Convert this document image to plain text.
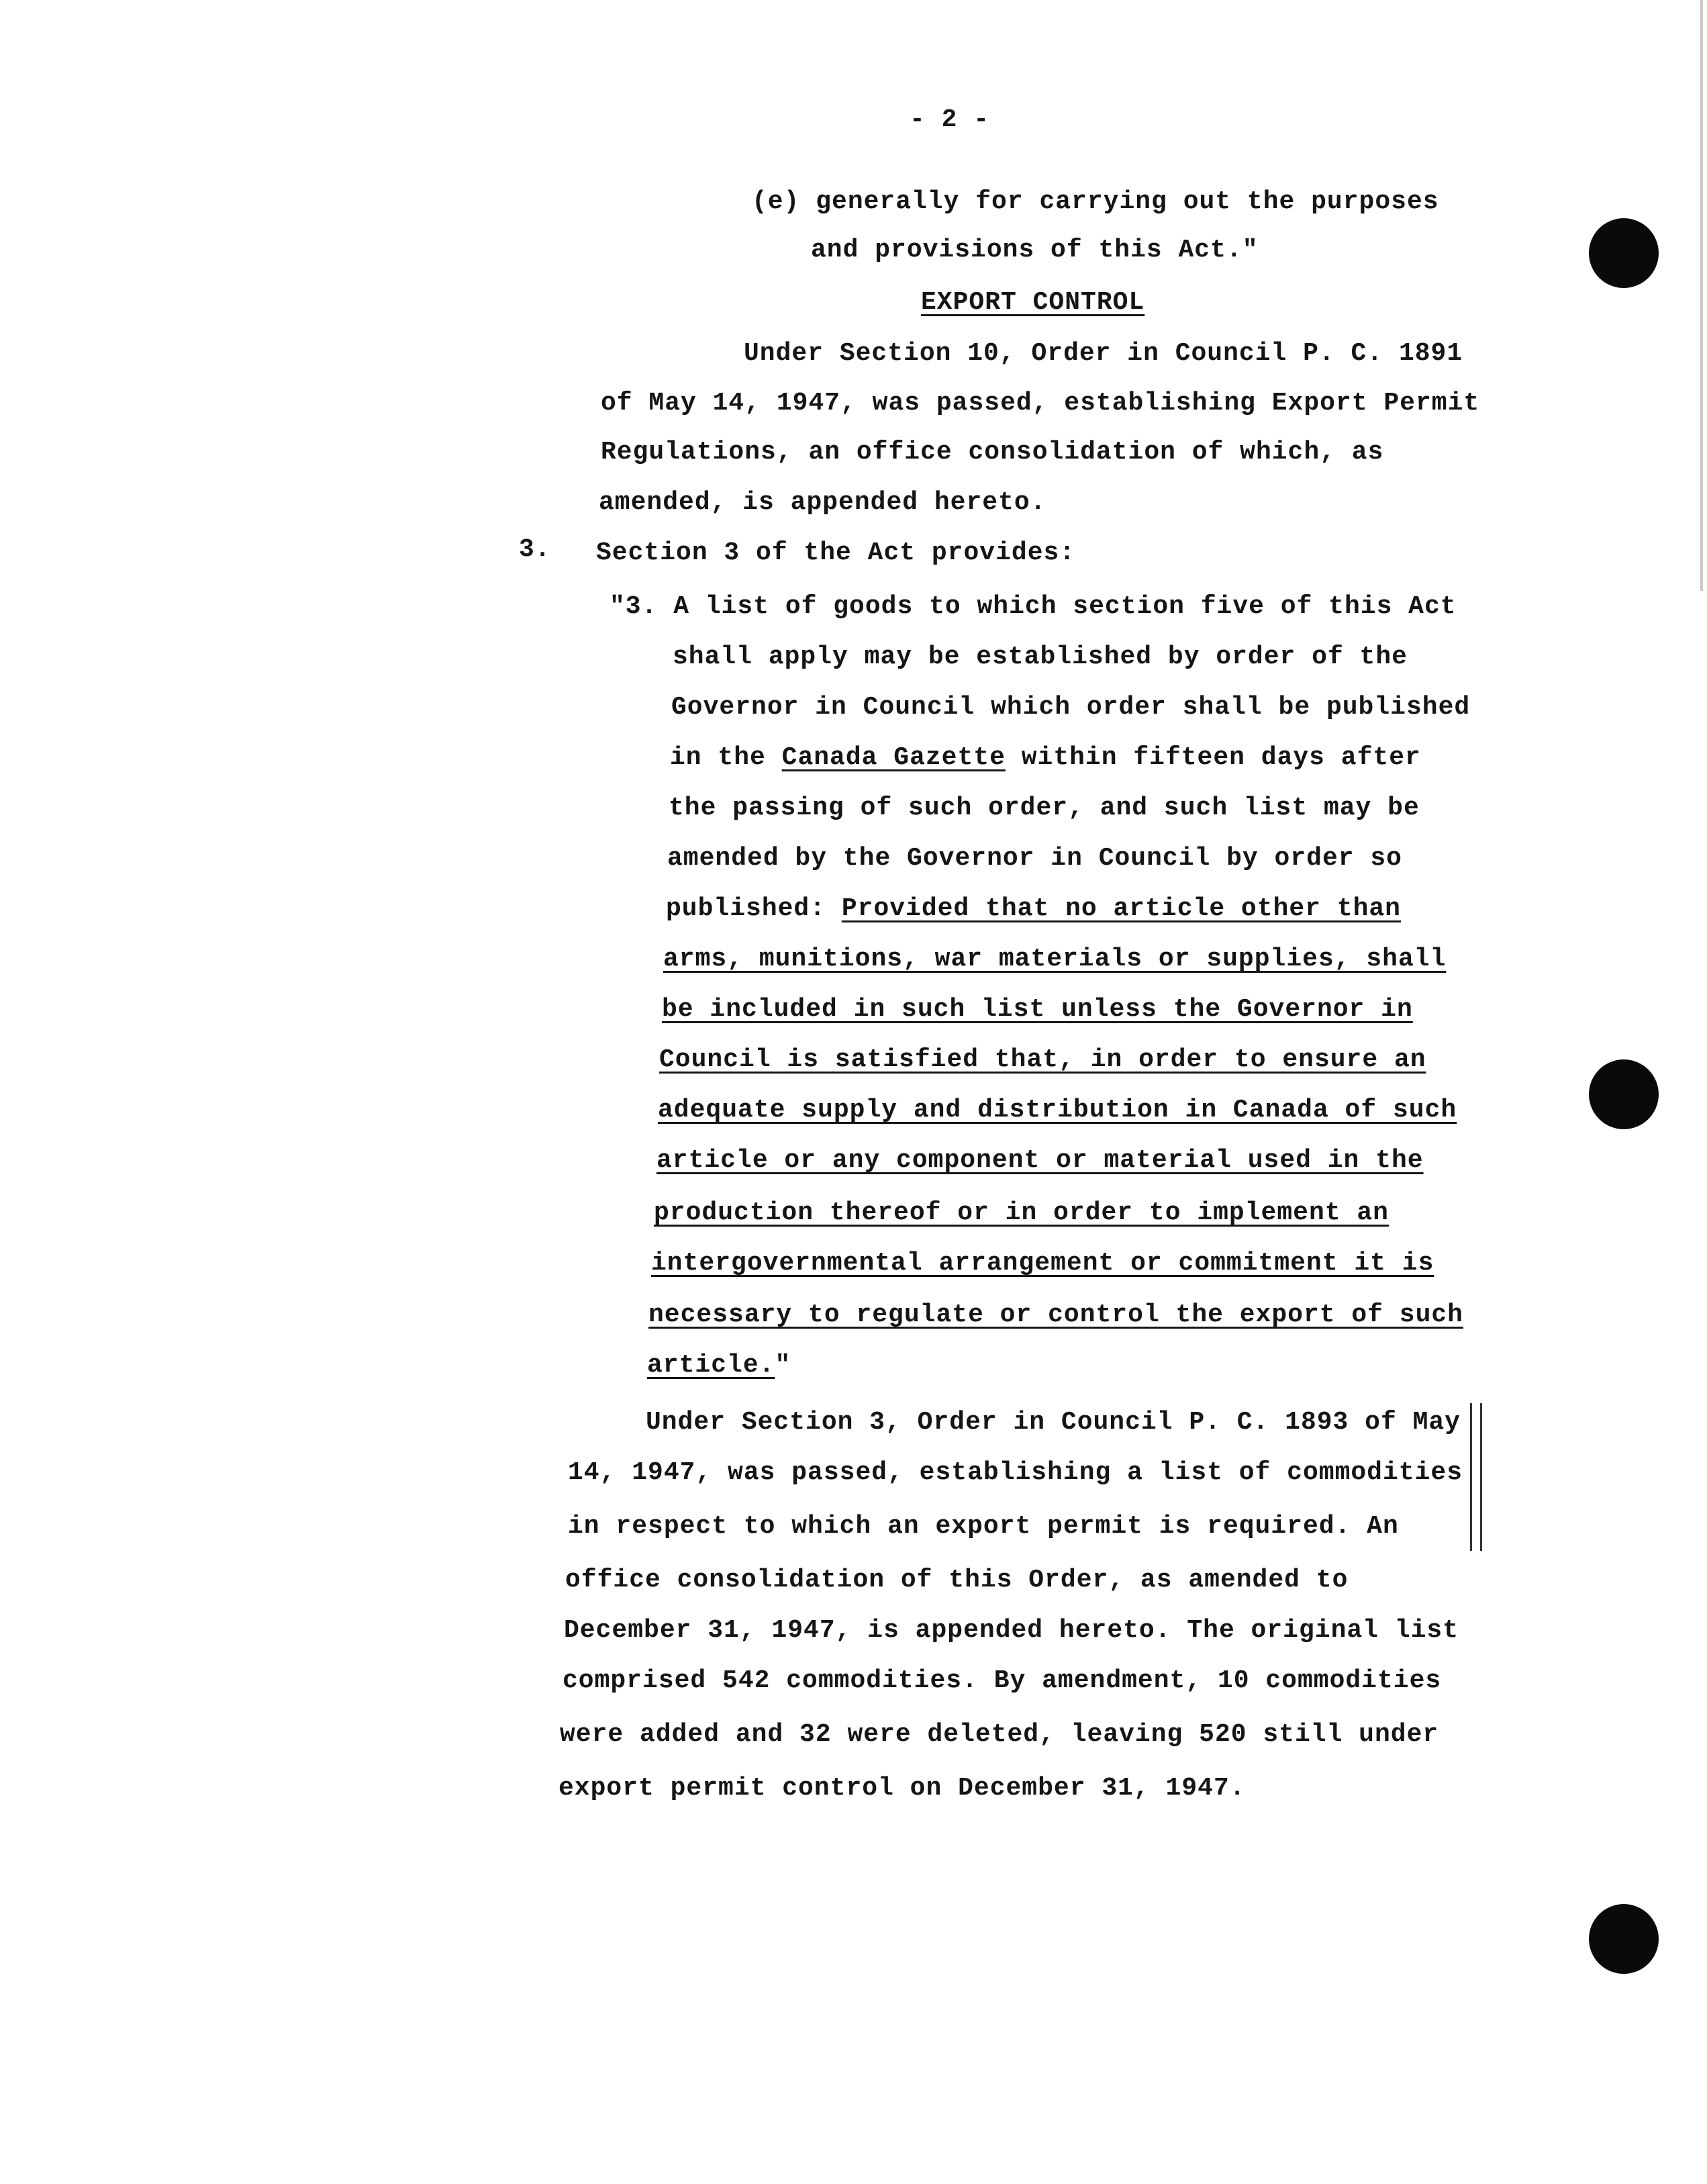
- 2 -
(e) generally for carrying out the purposes
and provisions of this Act."
EXPORT CONTROL
Under Section 10, Order in Council P. C. 1891
of May 14, 1947, was passed, establishing Export Permit
Regulations, an office consolidation of which, as
amended, is appended hereto.
3. Section 3 of the Act provides:
"3. A list of goods to which section five of this Act
shall apply may be established by order of the
Governor in Council which order shall be published
in the Canada Gazette within fifteen days after
the passing of such order, and such list may be
amended by the Governor in Council by order so
published: Provided that no article other than
arms, munitions, war materials or supplies, shall
be included in such list unless the Governor in
Council is satisfied that, in order to ensure an
adequate supply and distribution in Canada of such
article or any component or material used in the
production thereof or in order to implement an
intergovernmental arrangement or commitment it is
necessary to regulate or control the export of such
article."
Under Section 3, Order in Council P. C. 1893 of May
14, 1947, was passed, establishing a list of commodities
in respect to which an export permit is required. An
office consolidation of this Order, as amended to
December 31, 1947, is appended hereto. The original list
comprised 542 commodities. By amendment, 10 commodities
were added and 32 were deleted, leaving 520 still under
export permit control on December 31, 1947.
